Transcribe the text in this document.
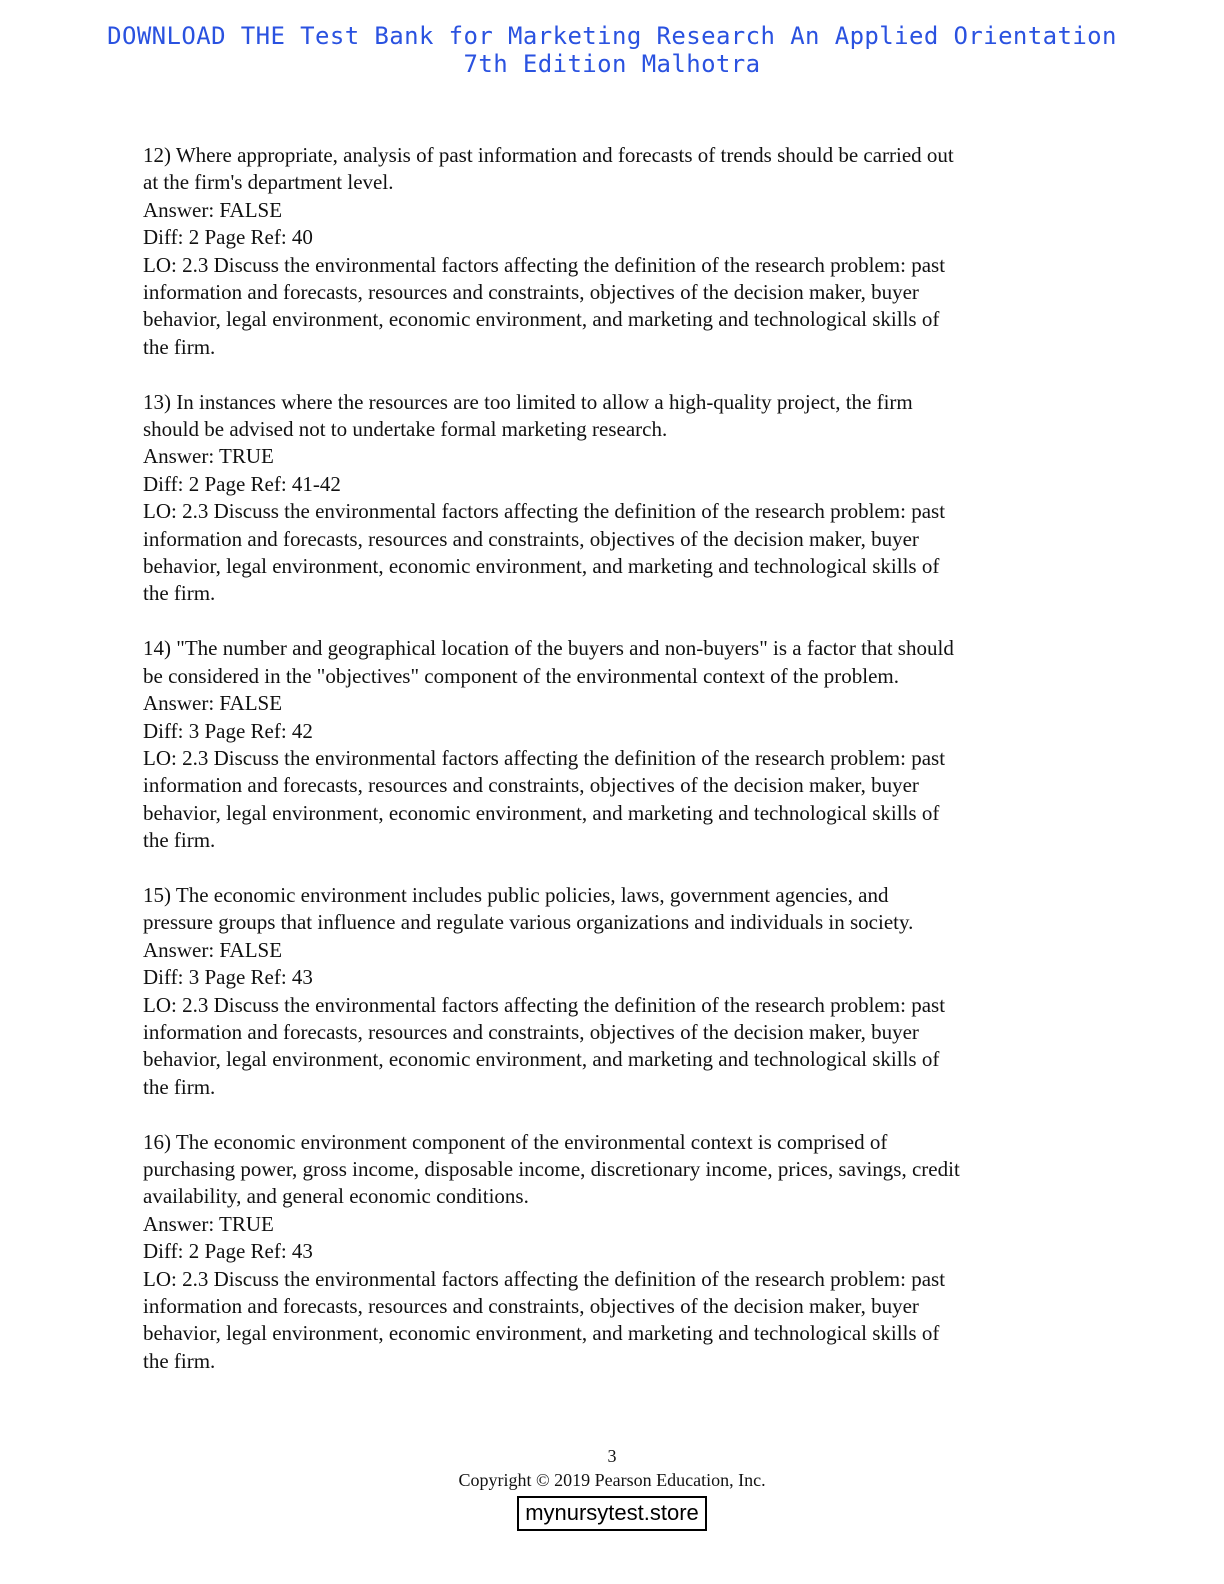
DOWNLOAD THE Test Bank for Marketing Research An Applied Orientation
7th Edition Malhotra

12) Where appropriate, analysis of past information and forecasts of trends should be carried out

at the firm's department level.

Answer: FALSE

Diff: 2 Page Ref: 40

LO: 2.3 Discuss the environmental factors affecting the definition of the research problem: past

information and forecasts, resources and constraints, objectives of the decision maker, buyer

behavior, legal environment, economic environment, and marketing and technological skills of

the firm.

13) In instances where the resources are too limited to allow a high-quality project, the firm

should be advised not to undertake formal marketing research.

Answer: TRUE

Diff: 2 Page Ref: 41-42

LO: 2.3 Discuss the environmental factors affecting the definition of the research problem: past

information and forecasts, resources and constraints, objectives of the decision maker, buyer

behavior, legal environment, economic environment, and marketing and technological skills of

the firm.

14) "The number and geographical location of the buyers and non-buyers" is a factor that should

be considered in the "objectives" component of the environmental context of the problem.

Answer: FALSE

Diff: 3 Page Ref: 42

LO: 2.3 Discuss the environmental factors affecting the definition of the research problem: past

information and forecasts, resources and constraints, objectives of the decision maker, buyer

behavior, legal environment, economic environment, and marketing and technological skills of

the firm.

15) The economic environment includes public policies, laws, government agencies, and

pressure groups that influence and regulate various organizations and individuals in society.

Answer: FALSE

Diff: 3 Page Ref: 43

LO: 2.3 Discuss the environmental factors affecting the definition of the research problem: past

information and forecasts, resources and constraints, objectives of the decision maker, buyer

behavior, legal environment, economic environment, and marketing and technological skills of

the firm.

16) The economic environment component of the environmental context is comprised of

purchasing power, gross income, disposable income, discretionary income, prices, savings, credit

availability, and general economic conditions.

Answer: TRUE

Diff: 2 Page Ref: 43

LO: 2.3 Discuss the environmental factors affecting the definition of the research problem: past

information and forecasts, resources and constraints, objectives of the decision maker, buyer

behavior, legal environment, economic environment, and marketing and technological skills of

the firm.

3
Copyright © 2019 Pearson Education, Inc.
mynursytest.store
